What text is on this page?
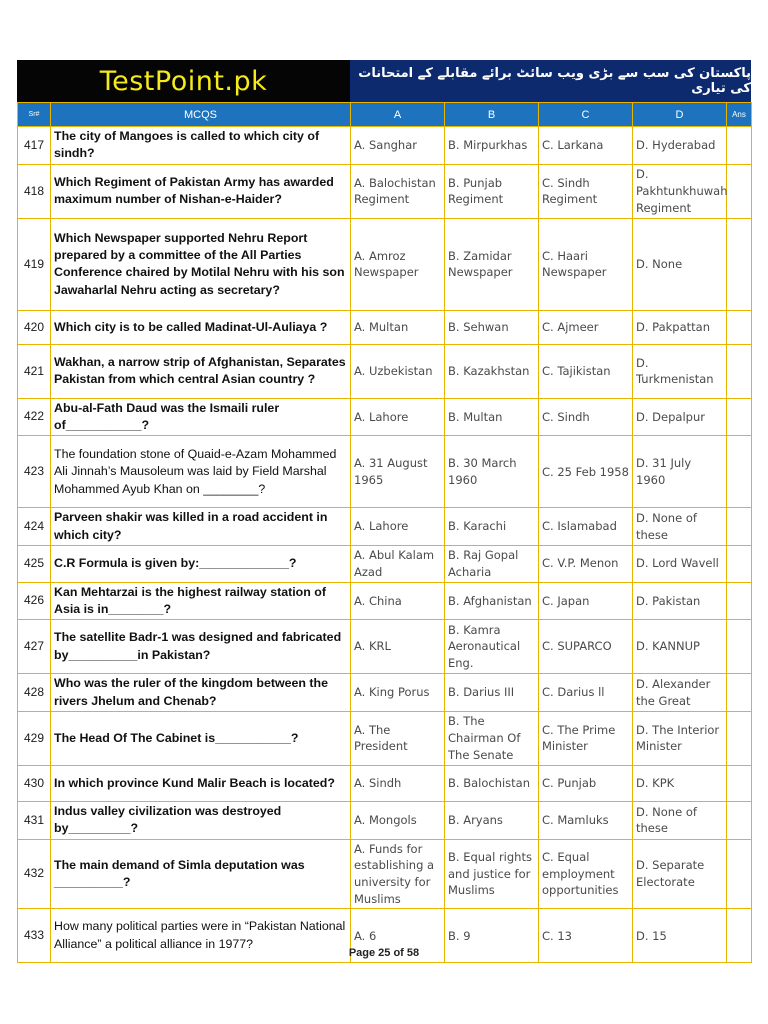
TestPoint.pk	پاکستان کی سب سے بڑی ویب سائٹ برائے مقابلے کے امتحانات کی تیاری
Sr#	MCQS	A	B	C	D	Ans
417	The city of Mangoes is called to which city of sindh?	A. Sanghar	B. Mirpurkhas	C. Larkana	D. Hyderabad	
418	Which Regiment of Pakistan Army has awarded maximum number of Nishan-e-Haider?	A. Balochistan Regiment	B. Punjab Regiment	C. Sindh Regiment	D. Pakhtunkhuwah Regiment	
419	Which Newspaper supported Nehru Report prepared by a committee of the All Parties Conference chaired by Motilal Nehru with his son Jawaharlal Nehru acting as secretary?	A. Amroz Newspaper	B. Zamidar Newspaper	C. Haari Newspaper	D. None	
420	Which city is to be called Madinat-Ul-Auliaya ?	A. Multan	B. Sehwan	C. Ajmeer	D. Pakpattan	
421	Wakhan, a narrow strip of Afghanistan, Separates Pakistan from which central Asian country ?	A. Uzbekistan	B. Kazakhstan	C. Tajikistan	D. Turkmenistan	
422	Abu-al-Fath Daud was the Ismaili ruler of___________?	A. Lahore	B. Multan	C. Sindh	D. Depalpur	
423	The foundation stone of Quaid-e-Azam Mohammed Ali Jinnah’s Mausoleum was laid by Field Marshal Mohammed Ayub Khan on ________?	A. 31 August 1965	B. 30 March 1960	C. 25 Feb 1958	D. 31 July 1960	
424	Parveen shakir was killed in a road accident in which city?	A. Lahore	B. Karachi	C. Islamabad	D. None of these	
425	C.R Formula is given by:_____________?	A. Abul Kalam Azad	B. Raj Gopal Acharia	C. V.P. Menon	D. Lord Wavell	
426	Kan Mehtarzai is the highest railway station of Asia is in________?	A. China	B. Afghanistan	C. Japan	D. Pakistan	
427	The satellite Badr-1 was designed and fabricated by__________in Pakistan?	A. KRL	B. Kamra Aeronautical Eng.	C. SUPARCO	D. KANNUP	
428	Who was the ruler of the kingdom between the rivers Jhelum and Chenab?	A. King Porus	B. Darius III	C. Darius ll	D. Alexander the Great	
429	The Head Of The Cabinet is___________?	A. The President	B. The Chairman Of The Senate	C. The Prime Minister	D. The Interior Minister	
430	In which province Kund Malir Beach is located?	A. Sindh	B. Balochistan	C. Punjab	D. KPK	
431	Indus valley civilization was destroyed by_________?	A. Mongols	B. Aryans	C. Mamluks	D. None of these	
432	The main demand of Simla deputation was __________?	A. Funds for establishing a university for Muslims	B. Equal rights and justice for Muslims	C. Equal employment opportunities	D. Separate Electorate	
433	How many political parties were in “Pakistan National Alliance” a political alliance in 1977?	A. 6	B. 9	C. 13	D. 15	
Page 25 of 58
